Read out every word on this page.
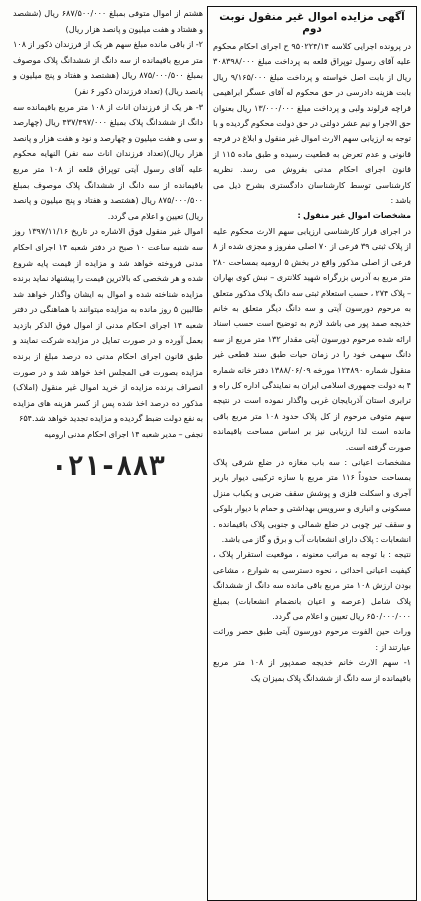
آگهی مزایده اموال غیر منقول نوبت دوم

در پرونده اجرایی کلاسه ۹۵۰۲۲۴/۱۴ ح اجرای احکام محکوم علیه آقای رسول توپراق قلعه به پرداخت مبلغ ۳۰۸۳۹۸/۰۰۰ ریال از بابت اصل خواسته و پرداخت مبلغ ۹/۱۶۵/۰۰۰ ریال بابت هزینه دادرسی در حق محکوم له آقای عسگر ابراهیمی قراچه قرلوند ولبی و پرداخت مبلغ ۱۳/۰۰۰/۰۰۰ ریال بعنوان حق الاجرا و نیم عشر دولتی در حق دولت محکوم گردیده و با توجه به ارزیابی سهم الارث اموال غیر منقول و ابلاغ در فرجه قانونی و عدم تعرض به قطعیت رسیده و طبق ماده ۱۱۵ از قانون اجرای احکام مدنی بفروش می رسد. نظریه کارشناسی توسط کارشناسان دادگستری بشرح ذیل می باشد :

مشخصات اموال غیر منقول :

در اجرای قرار کارشناسی ارزیابی سهم الارث محکوم علیه از پلاک ثبتی ۳۹ فرعی از ۷۰ اصلی مفروز و مجزی شده از ۸ فرعی از اصلی مذکور واقع در بخش ۵ ارومیه بمساحت ۲۸۰ متر مربع به آدرس بزرگراه شهید کلانتری – نبش کوی بهاران – پلاک ۲۷۴ ، حسب استعلام ثبتی سه دانگ پلاک مذکور متعلق به مرحوم دورسون آیتی و سه دانگ دیگر متعلق به خانم خدیجه صمد پور می باشد لازم به توضیح است حسب اسناد ارائه شده مرحوم دورسون آیتی مقدار ۱۳۲ متر مربع از سه دانگ سهمی خود را در زمان حیات طبق سند قطعی غیر منقول شماره ۱۲۴۸۹۰ مورخه ۱۳۸۸/۰۶/۰۹ دفتر خانه شماره ۴ به دولت جمهوری اسلامی ایران به نمایندگی اداره کل راه و ترابری استان آذربایجان غربی واگذار نموده است در نتیجه سهم متوفی مرحوم از کل پلاک حدود ۱۰۸ متر مربع باقی مانده است لذا ارزیابی نیز بر اساس مساحت باقیمانده صورت گرفته است.

مشخصات اعیانی : سه باب مغازه در ضلع شرقی پلاک بمساحت حدوداً ۱۱۶ متر مربع با سازه ترکیبی دیوار باربر آجری و اسکلت فلزی و پوشش سقف ضربی و یکباب منزل مسکونی و انباری و سرویس بهداشتی و حمام با دیوار بلوکی و سقف تیر چوبی در ضلع شمالی و جنوبی پلاک باقیمانده . انشعابات : پلاک دارای انشعابات آب و برق و گاز می باشد.

نتیجه : با توجه به مراتب معنونه ، موقعیت استقرار پلاک ، کیفیت اعیانی احداثی ، نحوه دسترسی به شوارع ، مشاعی بودن ارزش ۱۰۸ متر مربع باقی مانده سه دانگ از ششدانگ پلاک شامل (عرصه و اعیان بانضمام انشعابات) بمبلغ ۶۵۰/۰۰۰/۰۰۰ ریال تعیین و اعلام می گردد.

وراث حین الفوت مرحوم دورسون آیتی طبق حصر وراثت عبارتند از :

۱- سهم الارث خانم خدیجه صمدپور از ۱۰۸ متر مربع باقیمانده از سه دانگ از ششدانگ پلاک بمیزان یک

هشتم از اموال متوفی بمبلغ ۶۸۷/۵۰۰/۰۰۰ ریال (ششصد و هشتاد و هفت میلیون و پانصد هزار ریال)

۲- از باقی مانده مبلغ سهم هر یک از فرزندان ذکور از ۱۰۸ متر مربع باقیمانده از سه دانگ از ششدانگ پلاک موصوف بمبلغ ۸۷۵/۰۰۰/۵۰۰ ریال (هشتصد و هفتاد و پنج میلیون و پانصد ریال) (تعداد فرزندان ذکور ۶ نفر)

۳- هر یک از فرزندان اناث از ۱۰۸ متر مربع باقیمانده سه دانگ از ششدانگ پلاک بمبلغ ۴۳۷/۴۹۷/۰۰۰ ریال (چهارصد و سی و هفت میلیون و چهارصد و نود و هفت هزار و پانصد هزار ریال)(تعداد فرزندان اناث سه نفر) النهایه محکوم علیه آقای رسول آیتی توپراق قلعه از ۱۰۸ متر مربع باقیمانده از سه دانگ از ششدانگ پلاک موصوف بمبلغ ۸۷۵/۰۰۰/۵۰۰ ریال (هشتصد و هفتاد و پنج میلیون و پانصد ریال) تعیین و اعلام می گردد.

اموال غیر منقول فوق الاشاره در تاریخ ۱۳۹۷/۱۱/۱۶ روز سه شنبه ساعت ۱۰ صبح در دفتر شعبه ۱۴ اجرای احکام مدنی فروخته خواهد شد و مزایده از قیمت پایه شروع شده و هر شخصی که بالاترین قیمت را پیشنهاد نماید برنده مزایده شناخته شده و اموال به ایشان واگذار خواهد شد طالبین ۵ روز مانده به مزایده میتوانند با هماهنگی در دفتر شعبه ۱۴ اجرای احکام مدنی از اموال فوق الذکر بازدید بعمل آورده و در صورت تمایل در مزایده شرکت نمایند و طبق قانون اجرای احکام مدنی ده درصد مبلغ از برنده مزایده بصورت فی المجلس اخذ خواهد شد و در صورت انصراف برنده مزایده از خرید اموال غیر منقول (املاک) مذکور ده درصد اخذ شده پس از کسر هزینه های مزایده به نفع دولت ضبط گردیده و مزایده تجدید خواهد شد.۶۵۴

نجفی – مدیر شعبه ۱۴ اجرای احکام مدنی ارومیه

۰۲۱-۸۸۳
